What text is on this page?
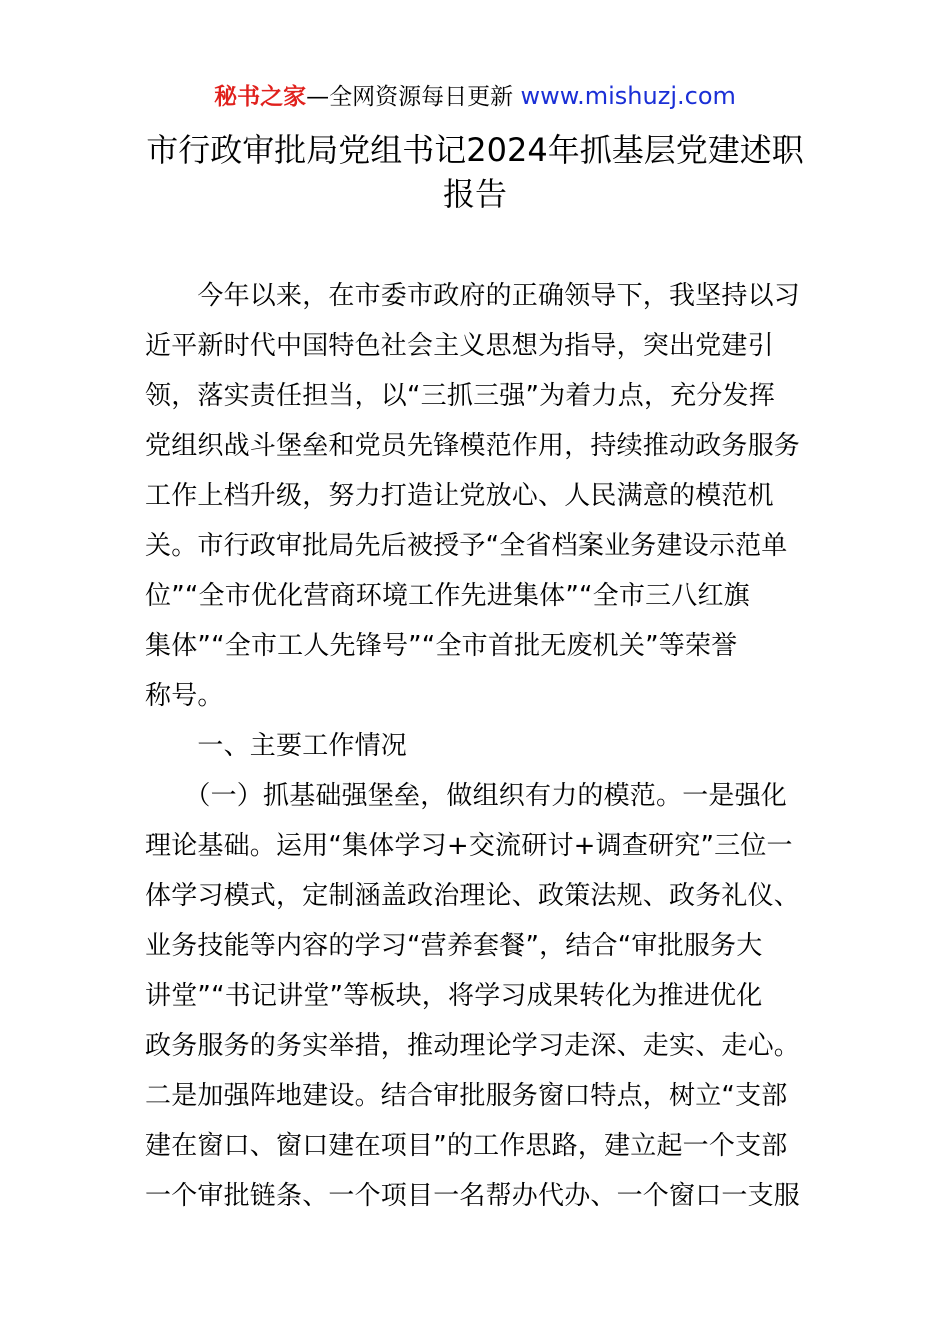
秘书之家—全网资源每日更新 www.mishuzj.com
市行政审批局党组书记2024年抓基层党建述职
报告
　　今年以来，在市委市政府的正确领导下，我坚持以习
近平新时代中国特色社会主义思想为指导，突出党建引
领，落实责任担当，以“三抓三强”为着力点，充分发挥
党组织战斗堡垒和党员先锋模范作用，持续推动政务服务
工作上档升级，努力打造让党放心、人民满意的模范机
关。市行政审批局先后被授予“全省档案业务建设示范单
位”“全市优化营商环境工作先进集体”“全市三八红旗
集体”“全市工人先锋号”“全市首批无废机关”等荣誉
称号。
　　一、主要工作情况
　　（一）抓基础强堡垒，做组织有力的模范。一是强化
理论基础。运用“集体学习+交流研讨+调查研究”三位一
体学习模式，定制涵盖政治理论、政策法规、政务礼仪、
业务技能等内容的学习“营养套餐”，结合“审批服务大
讲堂”“书记讲堂”等板块，将学习成果转化为推进优化
政务服务的务实举措，推动理论学习走深、走实、走心。
二是加强阵地建设。结合审批服务窗口特点，树立“支部
建在窗口、窗口建在项目”的工作思路，建立起一个支部
一个审批链条、一个项目一名帮办代办、一个窗口一支服
